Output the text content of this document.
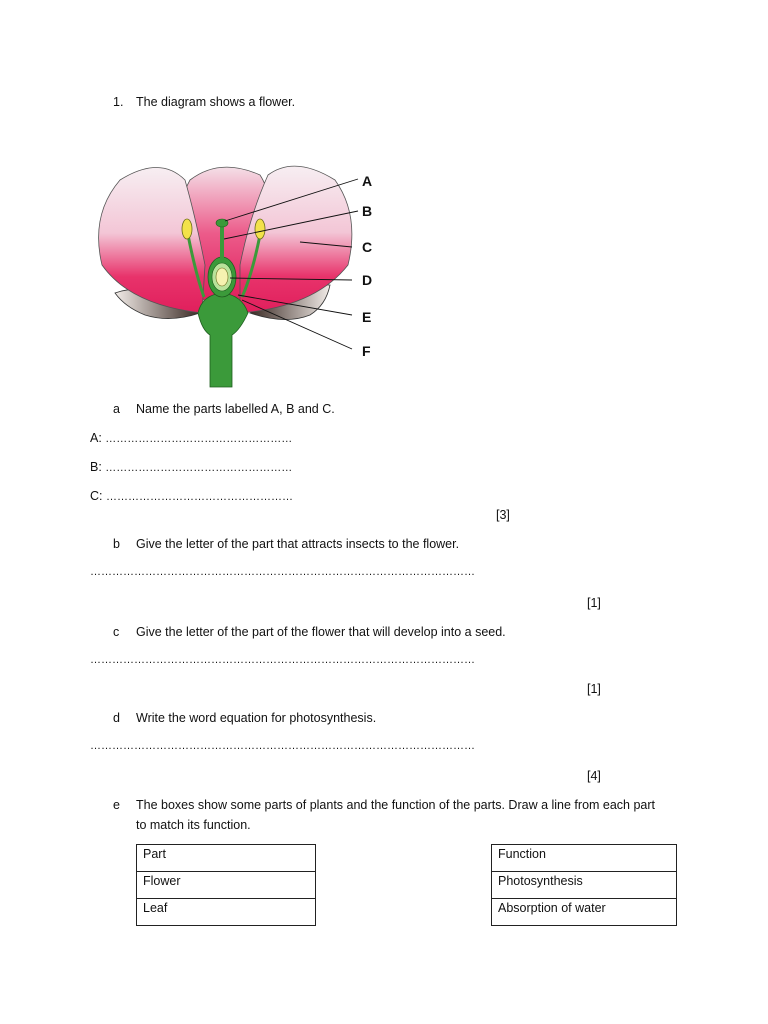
1. The diagram shows a flower.
A
B
C
D
E
F
a Name the parts labelled A, B and C.
A: ……………………………………………
B: ……………………………………………
C: ……………………………………………
[3]
b Give the letter of the part that attracts insects to the flower.
……………………………………………………………………………………………
[1]
c Give the letter of the part of the flower that will develop into a seed.
……………………………………………………………………………………………
[1]
d Write the word equation for photosynthesis.
……………………………………………………………………………………………
[4]
e The boxes show some parts of plants and the function of the parts. Draw a line from each part
to match its function.
Part
Flower
Leaf
Function
Photosynthesis
Absorption of water
